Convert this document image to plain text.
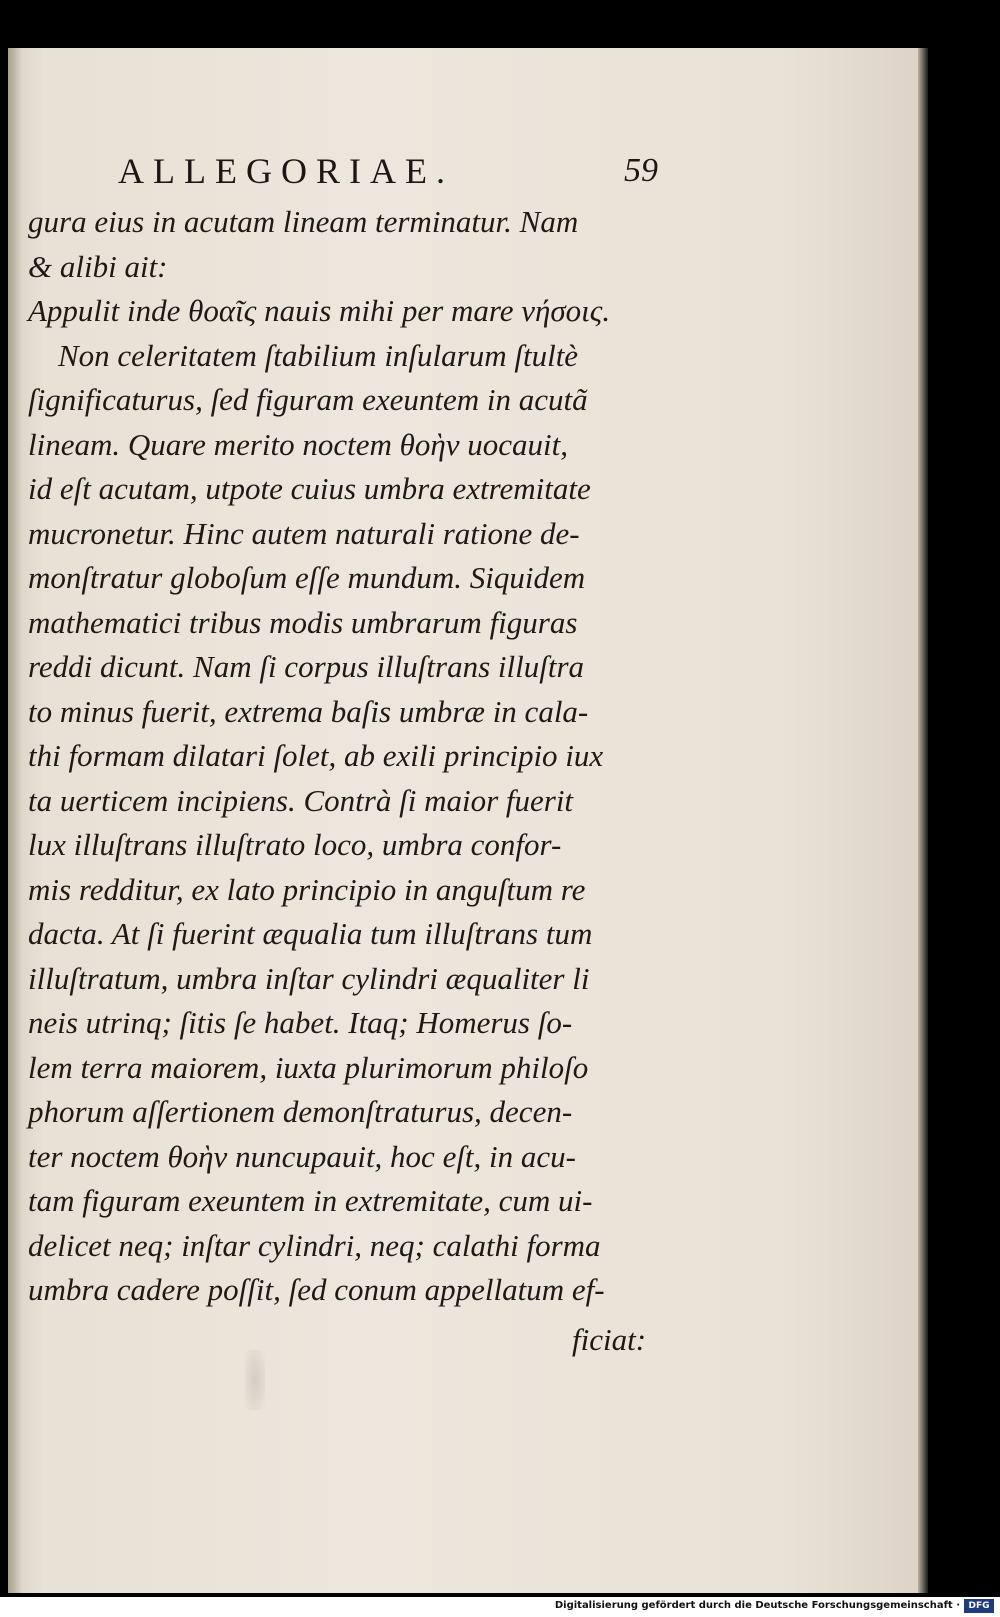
ALLEGORIAE.	59
gura eius in acutam lineam terminatur. Nam
& alibi ait:
Appulit inde θοαῖς nauis mihi per mare νήσοις.
Non celeritatem ſtabilium inſularum ſtultè
ſignificaturus, ſed figuram exeuntem in acutã
lineam. Quare merito noctem θοὴν uocauit,
id eſt acutam, utpote cuius umbra extremitate
mucronetur. Hinc autem naturali ratione de-
monſtratur globoſum eſſe mundum. Siquidem
mathematici tribus modis umbrarum figuras
reddi dicunt. Nam ſi corpus illuſtrans illuſtra
to minus fuerit, extrema baſis umbræ in cala-
thi formam dilatari ſolet, ab exili principio iux
ta uerticem incipiens. Contrà ſi maior fuerit
lux illuſtrans illuſtrato loco, umbra confor-
mis redditur, ex lato principio in anguſtum re
dacta. At ſi fuerint æqualia tum illuſtrans tum
illuſtratum, umbra inſtar cylindri æqualiter li
neis utrinq; ſitis ſe habet. Itaq; Homerus ſo-
lem terra maiorem, iuxta plurimorum philoſo
phorum aſſertionem demonſtraturus, decen-
ter noctem θοὴν nuncupauit, hoc eſt, in acu-
tam figuram exeuntem in extremitate, cum ui-
delicet neq; inſtar cylindri, neq; calathi forma
umbra cadere poſſit, ſed conum appellatum ef-
ficiat:
Digitalisierung gefördert durch die Deutsche Forschungsgemeinschaft · DFG
